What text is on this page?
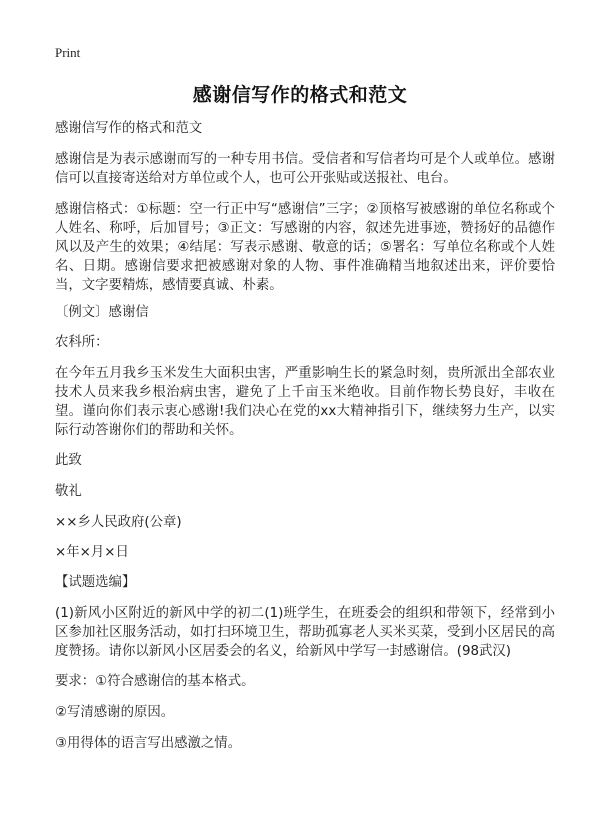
Print
感谢信写作的格式和范文

感谢信写作的格式和范文

感谢信是为表示感谢而写的一种专用书信。受信者和写信者均可是个人或单位。感谢信可以直接寄送给对方单位或个人，也可公开张贴或送报社、电台。

感谢信格式：①标题：空一行正中写“感谢信”三字；②顶格写被感谢的单位名称或个人姓名、称呼，后加冒号；③正文：写感谢的内容，叙述先进事迹，赞扬好的品德作风以及产生的效果；④结尾：写表示感谢、敬意的话；⑤署名：写单位名称或个人姓名、日期。感谢信要求把被感谢对象的人物、事件准确精当地叙述出来，评价要恰当，文字要精炼，感情要真诚、朴素。

〔例文〕感谢信

农科所：

在今年五月我乡玉米发生大面积虫害，严重影响生长的紧急时刻，贵所派出全部农业技术人员来我乡根治病虫害，避免了上千亩玉米绝收。目前作物长势良好，丰收在望。谨向你们表示衷心感谢!我们决心在党的xx大精神指引下，继续努力生产，以实际行动答谢你们的帮助和关怀。

此致

敬礼

××乡人民政府(公章)

×年×月×日

【试题选编】

(1)新风小区附近的新风中学的初二(1)班学生，在班委会的组织和带领下，经常到小区参加社区服务活动，如打扫环境卫生，帮助孤寡老人买米买菜，受到小区居民的高度赞扬。请你以新风小区居委会的名义，给新风中学写一封感谢信。(98武汉)

要求：①符合感谢信的基本格式。

②写清感谢的原因。

③用得体的语言写出感激之情。
